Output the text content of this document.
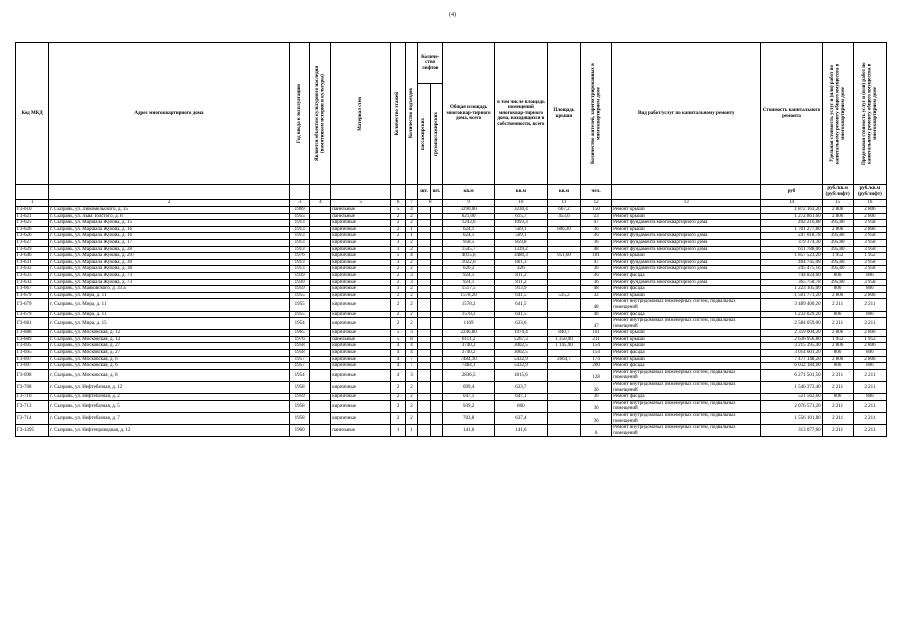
(4)
Код МКД	Адрес многоквартирного дома	Год ввода в эксплуатацию	Является объектом культурного наследия (памятником истории и культуры)	Материал стен	Количество этажей	Количество подъездов	Количе-ство лифтов		Общая площадь многоквар-тирного дома, всего	в том числе площадь помещений многоквар-тирного дома, находящихся в собственности, всего	Площадь крыши	Количество жителей, зарегистрированных в многоквартирном доме	Вид работ/услуг по капитальному ремонту	Стоимость капитального ремонта	Удельная стоимость услуг и (или) работ по капитальному ремонту общего имущества в многоквартирном доме	Предельная стоимость услуг и (или) работ по капитальному ремонту общего имущества в многоквартирном доме

							пассажирских	грузопассажирских								

							шт.	шт.	кв.м	кв.м	кв.м	чел.		руб	руб./кв.м (руб/лифт)	руб./кв.м (руб/лифт)
1	2	3	4	5	6	7	8		9	10	11	12	13	14	15	16
Г3-610	г. Сызрань, ул. Люкомельского, д. 35	1969		панельные	5	4			3290,00	3230,4	667,2	150	Ремонт крыши	1 872 163,20	2 806	2 806
Г3-621	г. Сызрань, ул. Льва Толстого, д. 8	1955		панельные	2	2			621,00	615,7	453,6	23	Ремонт крыши	1 272 861,60	2 806	2 806
Г3-625	г. Сызрань, ул. Маршала Жукова, д. 15	1913		кирпичные	2	2			1243,6	1093,3		47	Ремонт фундамента многоквартирного дома	492 216,88	395,80	3 958
Г3-626	г. Сызрань, ул. Маршала Жукова, д. 16	1913		кирпичные	2	1			624,1	569,1	606,30	36	Ремонт крыши	1 701 277,80	2 806	2 806
Г3-626	г. Сызрань, ул. Маршала Жукова, д. 16	1913		кирпичные	2	1			624,1	569,1		36	Ремонт фундамента многоквартирного дома	247 018,78	395,80	3 958
Г3-627	г. Сызрань, ул. Маршала Жукова, д. 17	1913		кирпичные	3	2			958,5	859,8		36	Ремонт фундамента многоквартирного дома	379 374,30	395,80	3 958
Г3-629	г. Сызрань, ул. Маршала Жукова, д. 28	1913		кирпичные	3	2			1545,7	1339,2		48	Ремонт фундамента многоквартирного дома	611 788,06	395,80	3 958
Г3-646	г. Сызрань, ул. Маршала Жукова, д. 297	1976		кирпичные	5	4			4015,6	3480,3	951,60	181	Ремонт крыши	1 857 523,20	1 952	1 952
Г3-631	г. Сызрань, ул. Маршала Жукова, д. 30	1913		кирпичные	3	2			1022,6	861,3		47	Ремонт фундамента многоквартирного дома	404 745,08	395,80	3 958
Г3-632	г. Сызрань, ул. Маршала Жукова, д. 38	1913		кирпичные	2	2			620,2	426		36	Ремонт фундамента многоквартирного дома	245 475,16	395,80	3 958
Г3-633	г. Сызрань, ул. Маршала Жукова, д. 73	1939		кирпичные	2	3			924,1	811,2		36	Ремонт фасада	744 824,60	806	806
Г3-633	г. Сызрань, ул. Маршала Жукова, д. 73	1939		кирпичные	2	3			924,1	811,2		36	Ремонт фундамента многоквартирного дома	365 758,78	395,80	3 958
Г3-667	г. Сызрань, ул. Маяковского, д. 33 а	1959		кирпичные	3	2			1517,5	913,9		48	Ремонт фасада	1 223 105,00	806	806
Г3-679	г. Сызрань, ул. Мира, д. 11	1955		кирпичные	2	2			1578,20	641,5	535,2	32	Ремонт крыши	1 501 771,20	2 806	2 806
Г3-679	г. Сызрань, ул. Мира, д. 11	1955		кирпичные	2	2			1578,2	641,5		48	Ремонт внутридомовых инженерных систем, подвальных помещений	3 489 400,20	2 211	2 211
Г3-679	г. Сызрань, ул. Мира, д. 11	1955		кирпичные	2	2			1578,2	641,5		48	Ремонт фасада	1 232 029,20	806	806
Г3-681	г. Сызрань, ул. Мира, д. 15	1954		кирпичные	2	2			1169	633,6		47	Ремонт внутридомовых инженерных систем, подвальных помещений	2 584 659,00	2 211	2 211
Г3-688	г. Сызрань, ул. Московская, д. 12	1965		кирпичные	5	3			2246,80	1974,4	840,7	101	Ремонт крыши	2 359 004,20	2 806	2 806
Г3-689	г. Сызрань, ул. Московская, д. 13	1976		панельные	5	8			6111,2	5267,3	1 350,90	211	Ремонт крыши	2 636 956,80	1 952	1 952
Г3-695	г. Сызрань, ул. Московская, д. 27	1958		кирпичные	4	4			3740,2	3002,5	1 145,90	154	Ремонт крыши	3 215 395,40	2 806	2 806
Г3-695	г. Сызрань, ул. Московская, д. 27	1958		кирпичные	4	4			3740,2	3002,5		154	Ремонт фасада	3 014 601,20	806	806
Г3-697	г. Сызрань, ул. Московская, д. 6	1957		кирпичные	4	7			7484,10	5432,9	2664,7	174	Ремонт крыши	7 477 148,20	2 806	2 806
Г3-697	г. Сызрань, ул. Московская, д. 6	1957		кирпичные	4	7			7484,1	5432,9		200	Ремонт фасада	6 032 184,60	806	806
Г3-698	г. Сызрань, ул. Московская, д. 8	1954		кирпичные	4	3			2836,5	1815,6		128	Ремонт внутридомовых инженерных систем, подвальных помещений	6 271 501,50	2 211	2 211
Г3-708	г. Сызрань, ул. Нефтебазная, д. 12	1958		кирпичные	2	2			699,4	633,7		36	Ремонт внутридомовых инженерных систем, подвальных помещений	1 546 373,40	2 211	2 211
Г3-710	г. Сызрань, ул. Нефтебазная, д. 2	1959		кирпичные	2	2			647,1	647,1		36	Ремонт фасада	521 562,60	806	806
Г3-713	г. Сызрань, ул. Нефтебазная, д. 5	1958		кирпичные	2	2			939,2	860		36	Ремонт внутридомовых инженерных систем, подвальных помещений	2 076 571,20	2 211	2 211
Г3-714	г. Сызрань, ул. Нефтебазная, д. 7	1958		кирпичные	2	2			703,8	637,4		36	Ремонт внутридомовых инженерных систем, подвальных помещений	1 556 101,80	2 211	2 211
Г3-1395	г. Сызрань, ул. Нефтепроводная, д. 12	1960		панельные	1	1			141,6	141,6		6	Ремонт внутридомовых инженерных систем, подвальных помещений	313 077,60	2 211	2 211
